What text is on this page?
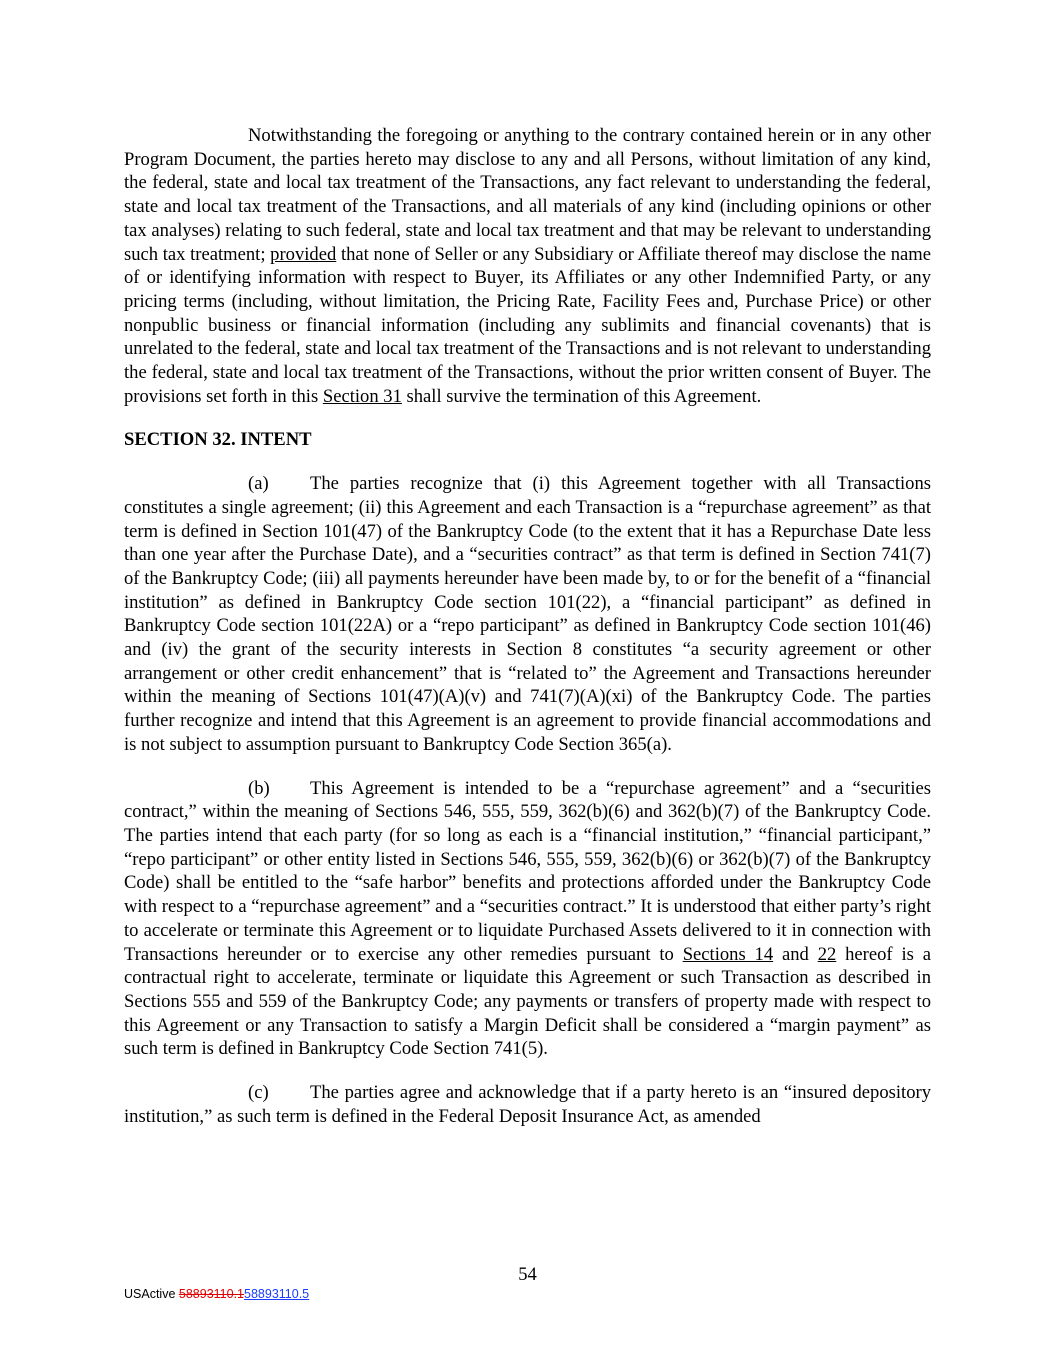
Notwithstanding the foregoing or anything to the contrary contained herein or in any other Program Document, the parties hereto may disclose to any and all Persons, without limitation of any kind, the federal, state and local tax treatment of the Transactions, any fact relevant to understanding the federal, state and local tax treatment of the Transactions, and all materials of any kind (including opinions or other tax analyses) relating to such federal, state and local tax treatment and that may be relevant to understanding such tax treatment; provided that none of Seller or any Subsidiary or Affiliate thereof may disclose the name of or identifying information with respect to Buyer, its Affiliates or any other Indemnified Party, or any pricing terms (including, without limitation, the Pricing Rate, Facility Fees and, Purchase Price) or other nonpublic business or financial information (including any sublimits and financial covenants) that is unrelated to the federal, state and local tax treatment of the Transactions and is not relevant to understanding the federal, state and local tax treatment of the Transactions, without the prior written consent of Buyer. The provisions set forth in this Section 31 shall survive the termination of this Agreement.

SECTION 32. INTENT

(a) The parties recognize that (i) this Agreement together with all Transactions constitutes a single agreement; (ii) this Agreement and each Transaction is a “repurchase agreement” as that term is defined in Section 101(47) of the Bankruptcy Code (to the extent that it has a Repurchase Date less than one year after the Purchase Date), and a “securities contract” as that term is defined in Section 741(7) of the Bankruptcy Code; (iii) all payments hereunder have been made by, to or for the benefit of a “financial institution” as defined in Bankruptcy Code section 101(22), a “financial participant” as defined in Bankruptcy Code section 101(22A) or a “repo participant” as defined in Bankruptcy Code section 101(46) and (iv) the grant of the security interests in Section 8 constitutes “a security agreement or other arrangement or other credit enhancement” that is “related to” the Agreement and Transactions hereunder within the meaning of Sections 101(47)(A)(v) and 741(7)(A)(xi) of the Bankruptcy Code. The parties further recognize and intend that this Agreement is an agreement to provide financial accommodations and is not subject to assumption pursuant to Bankruptcy Code Section 365(a).

(b) This Agreement is intended to be a “repurchase agreement” and a “securities contract,” within the meaning of Sections 546, 555, 559, 362(b)(6) and 362(b)(7) of the Bankruptcy Code. The parties intend that each party (for so long as each is a “financial institution,” “financial participant,” “repo participant” or other entity listed in Sections 546, 555, 559, 362(b)(6) or 362(b)(7) of the Bankruptcy Code) shall be entitled to the “safe harbor” benefits and protections afforded under the Bankruptcy Code with respect to a “repurchase agreement” and a “securities contract.” It is understood that either party’s right to accelerate or terminate this Agreement or to liquidate Purchased Assets delivered to it in connection with Transactions hereunder or to exercise any other remedies pursuant to Sections 14 and 22 hereof is a contractual right to accelerate, terminate or liquidate this Agreement or such Transaction as described in Sections 555 and 559 of the Bankruptcy Code; any payments or transfers of property made with respect to this Agreement or any Transaction to satisfy a Margin Deficit shall be considered a “margin payment” as such term is defined in Bankruptcy Code Section 741(5).

(c) The parties agree and acknowledge that if a party hereto is an “insured depository institution,” as such term is defined in the Federal Deposit Insurance Act, as amended

54
USActive 58893110.158893110.5
